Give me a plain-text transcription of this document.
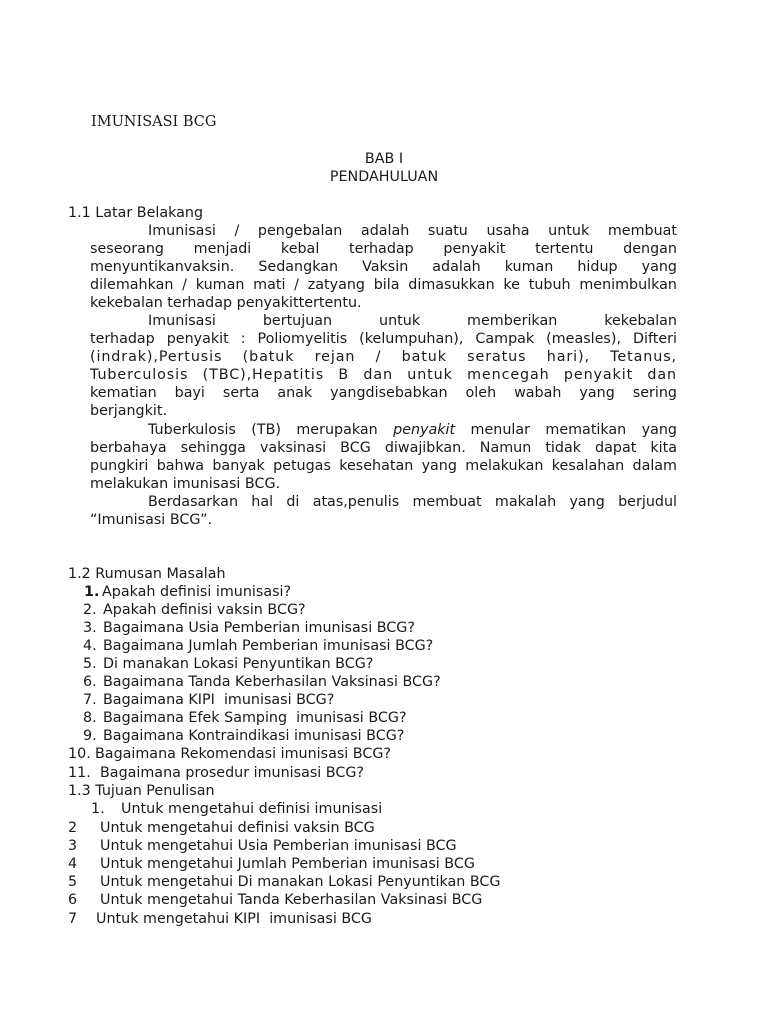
IMUNISASI BCG
BAB I
PENDAHULUAN
1.1 Latar Belakang
Imunisasi / pengebalan adalah suatu usaha untuk membuat
seseorang menjadi kebal terhadap penyakit tertentu dengan
menyuntikanvaksin. Sedangkan Vaksin adalah kuman hidup yang
dilemahkan / kuman mati / zatyang bila dimasukkan ke tubuh menimbulkan
kekebalan terhadap penyakittertentu.
Imunisasi bertujuan untuk memberikan kekebalan
terhadap penyakit : Poliomyelitis (kelumpuhan), Campak (measles), Difteri
(indrak),Pertusis (batuk rejan / batuk seratus hari), Tetanus,
Tuberculosis (TBC),Hepatitis B dan untuk mencegah penyakit dan
kematian bayi serta anak yangdisebabkan oleh wabah yang sering
berjangkit.
Tuberkulosis (TB) merupakan penyakit menular mematikan yang
berbahaya sehingga vaksinasi BCG diwajibkan. Namun tidak dapat kita
pungkiri bahwa banyak petugas kesehatan yang melakukan kesalahan dalam
melakukan imunisasi BCG.
Berdasarkan hal di atas,penulis membuat makalah yang berjudul
“Imunisasi BCG”.
1.2 Rumusan Masalah
1. Apakah definisi imunisasi?
2. Apakah definisi vaksin BCG?
3. Bagaimana Usia Pemberian imunisasi BCG?
4. Bagaimana Jumlah Pemberian imunisasi BCG?
5. Di manakan Lokasi Penyuntikan BCG?
6. Bagaimana Tanda Keberhasilan Vaksinasi BCG?
7. Bagaimana KIPI  imunisasi BCG?
8. Bagaimana Efek Samping  imunisasi BCG?
9. Bagaimana Kontraindikasi imunisasi BCG?
10. Bagaimana Rekomendasi imunisasi BCG?
11. Bagaimana prosedur imunisasi BCG?
1.3 Tujuan Penulisan
1. Untuk mengetahui definisi imunisasi
2 Untuk mengetahui definisi vaksin BCG
3 Untuk mengetahui Usia Pemberian imunisasi BCG
4 Untuk mengetahui Jumlah Pemberian imunisasi BCG
5 Untuk mengetahui Di manakan Lokasi Penyuntikan BCG
6 Untuk mengetahui Tanda Keberhasilan Vaksinasi BCG
7 Untuk mengetahui KIPI  imunisasi BCG
